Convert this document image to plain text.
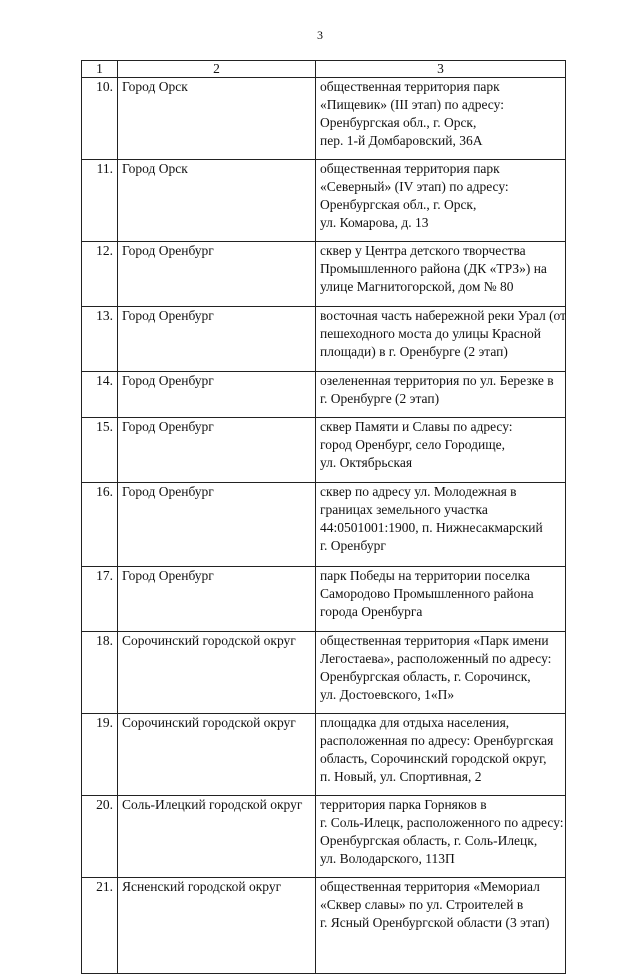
3
1	2	3
10.	Город Орск	общественная территория парк
«Пищевик» (III этап) по адресу:
Оренбургская обл., г. Орск,
пер. 1-й Домбаровский, 36А

11.	Город Орск	общественная территория парк
«Северный» (IV этап) по адресу:
Оренбургская обл., г. Орск,
ул. Комарова, д. 13

12.	Город Оренбург	сквер у Центра детского творчества
Промышленного района (ДК «ТРЗ») на
улице Магнитогорской, дом № 80

13.	Город Оренбург	восточная часть набережной реки Урал (от
пешеходного моста до улицы Красной
площади) в г. Оренбурге (2 этап)

14.	Город Оренбург	озелененная территория по ул. Березке в
г. Оренбурге (2 этап)

15.	Город Оренбург	сквер Памяти и Славы по адресу:
город Оренбург, село Городище,
ул. Октябрьская

16.	Город Оренбург	сквер по адресу ул. Молодежная в
границах земельного участка
44:0501001:1900, п. Нижнесакмарский
г. Оренбург

17.	Город Оренбург	парк Победы на территории поселка
Самородово Промышленного района
города Оренбурга

18.	Сорочинский городской округ	общественная территория «Парк имени
Легостаева», расположенный по адресу:
Оренбургская область, г. Сорочинск,
ул. Достоевского, 1«П»

19.	Сорочинский городской округ	площадка для отдыха населения,
расположенная по адресу: Оренбургская
область, Сорочинский городской округ,
п. Новый, ул. Спортивная, 2

20.	Соль-Илецкий городской округ	территория парка Горняков в
г. Соль-Илецк, расположенного по адресу:
Оренбургская область, г. Соль-Илецк,
ул. Володарского, 113П

21.	Ясненский городской округ	общественная территория «Мемориал
«Сквер славы» по ул. Строителей в
г. Ясный Оренбургской области (3 этап)
